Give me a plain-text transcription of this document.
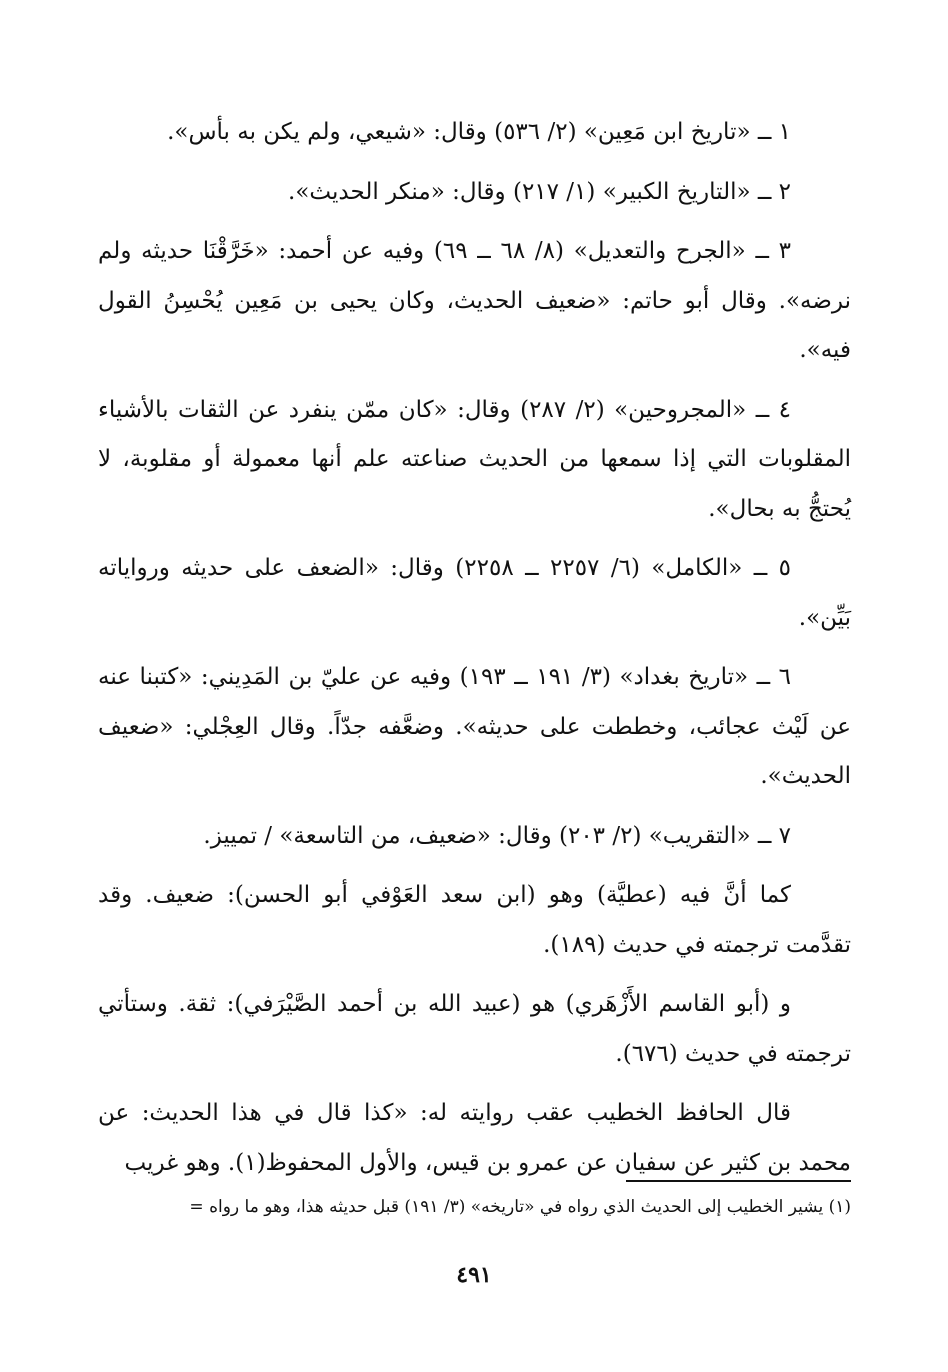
١ ــ «تاريخ ابن مَعِين» (٢/ ٥٣٦) وقال: «شيعي، ولم يكن به بأس».

٢ ــ «التاريخ الكبير» (١/ ٢١٧) وقال: «منكر الحديث».

٣ ــ «الجرح والتعديل» (٨/ ٦٨ ــ ٦٩) وفيه عن أحمد: «خَرَّقْنَا حديثه ولم نرضه». وقال أبو حاتم: «ضعيف الحديث، وكان يحيى بن مَعِين يُحْسِنُ القول فيه».

٤ ــ «المجروحين» (٢/ ٢٨٧) وقال: «كان ممّن ينفرد عن الثقات بالأشياء المقلوبات التي إذا سمعها من الحديث صناعته علم أنها معمولة أو مقلوبة، لا يُحتجُّ به بحال».

٥ ــ «الكامل» (٦/ ٢٢٥٧ ــ ٢٢٥٨) وقال: «الضعف على حديثه ورواياته بَيِّن».

٦ ــ «تاريخ بغداد» (٣/ ١٩١ ــ ١٩٣) وفيه عن عليّ بن المَدِيني: «كتبنا عنه عن لَيْث عجائب، وخططت على حديثه». وضعَّفه جدّاً. وقال العِجْلي: «ضعيف الحديث».

٧ ــ «التقريب» (٢/ ٢٠٣) وقال: «ضعيف، من التاسعة» / تمييز.

كما أنَّ فيه (عطيَّة) وهو (ابن سعد العَوْفي أبو الحسن): ضعيف. وقد تقدَّمت ترجمته في حديث (١٨٩).

و (أبو القاسم الأَزْهَري) هو (عبيد الله بن أحمد الصَّيْرَفي): ثقة. وستأتي ترجمته في حديث (٦٧٦).

قال الحافظ الخطيب عقب روايته له: «كذا قال في هذا الحديث: عن محمد بن كثير عن سفيان عن عمرو بن قيس، والأول المحفوظ(١). وهو غريب

(١) يشير الخطيب إلى الحديث الذي رواه في «تاريخه» (٣/ ١٩١) قبل حديثه هذا، وهو ما رواه =
٤٩١
